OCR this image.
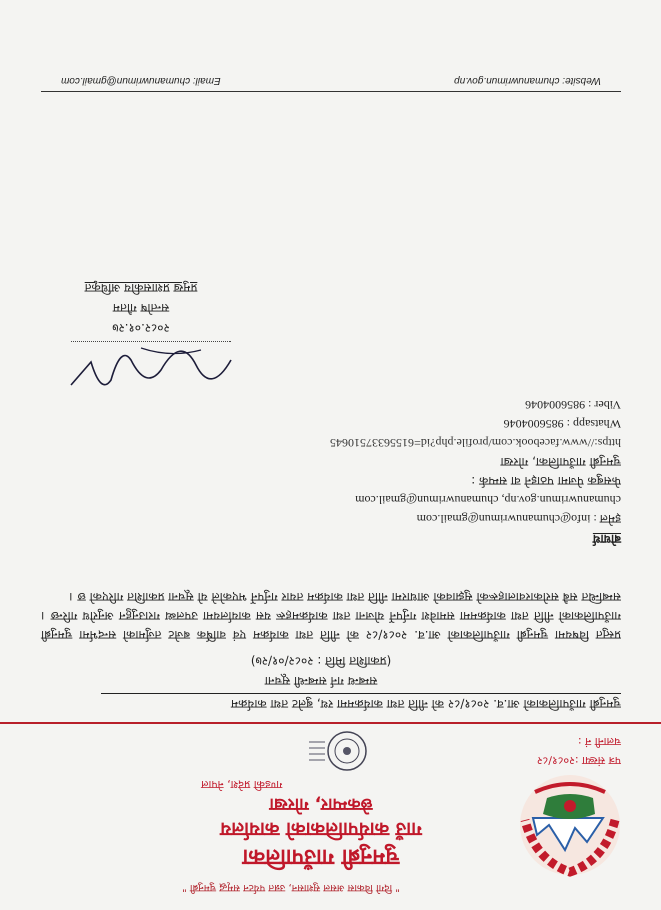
" दिगो विकास असल सुशासन, उन्नत पर्यटन समृद्ध चुमनुब्री "
चुमनुब्री गाउँपालिका
गाउँ कार्यपालिकाको कार्यालय
छेकम्पार, गोरखा
गण्डकी प्रदेश, नेपाल
पत्र संख्या :२०८१/८२
चलानी नं :
चुमनुब्री गाउँपालिकाको आ.व. २०८१/८२ को नीति तथा कार्यक्रममा रथ, बुलेट तथा कार्यक्रम
सम्बन्ध गर्न सम्बन्धी सूचना
(प्रकाशित मिति : २०८२/०१/२७)
प्रस्तुत विषयमा चुमनुब्री गाउँपालिकाको आ.व. २०८१/८२ को नीति तथा कार्यक्रम एवं वार्षिक बजेट तर्जुमाको सन्दर्भमा चुमनुब्री गाउँपालिकाको नीति तथा कार्यक्रममा समावेश गर्नुपर्ने योजना तथा कार्यक्रमहरू यस कार्यालयमा उपलब्ध गराउनुहुन अनुरोध गरिन्छ । सम्बन्धित सबै सरोकारवालाहरूको सुझावको आधारमा नीति तथा कार्यक्रम तयार गर्नुपर्ने भएकोले यो सूचना प्रकाशित गरिएको छ ।
बोधार्थ
इमेल : info@chumanuwrimun@gmail.com
chumanuwrimun.gov.np, chumanuwrimun@gmail.com
फेसबुक पेजमा पठाइने वा सम्पर्क :
चुमनुब्री गाउँपालिका, गोरखा
https://www.facebook.com/profile.php?id=61556337510645
Whatsapp : 9856004046
Viber : 9856004046
२०८२.०१.२७
सन्तोष गौतम
प्रमुख प्रशासकीय अधिकृत
Website: chumanuwrimun.gov.np
Email: chumanuwrimun@gmail.com
